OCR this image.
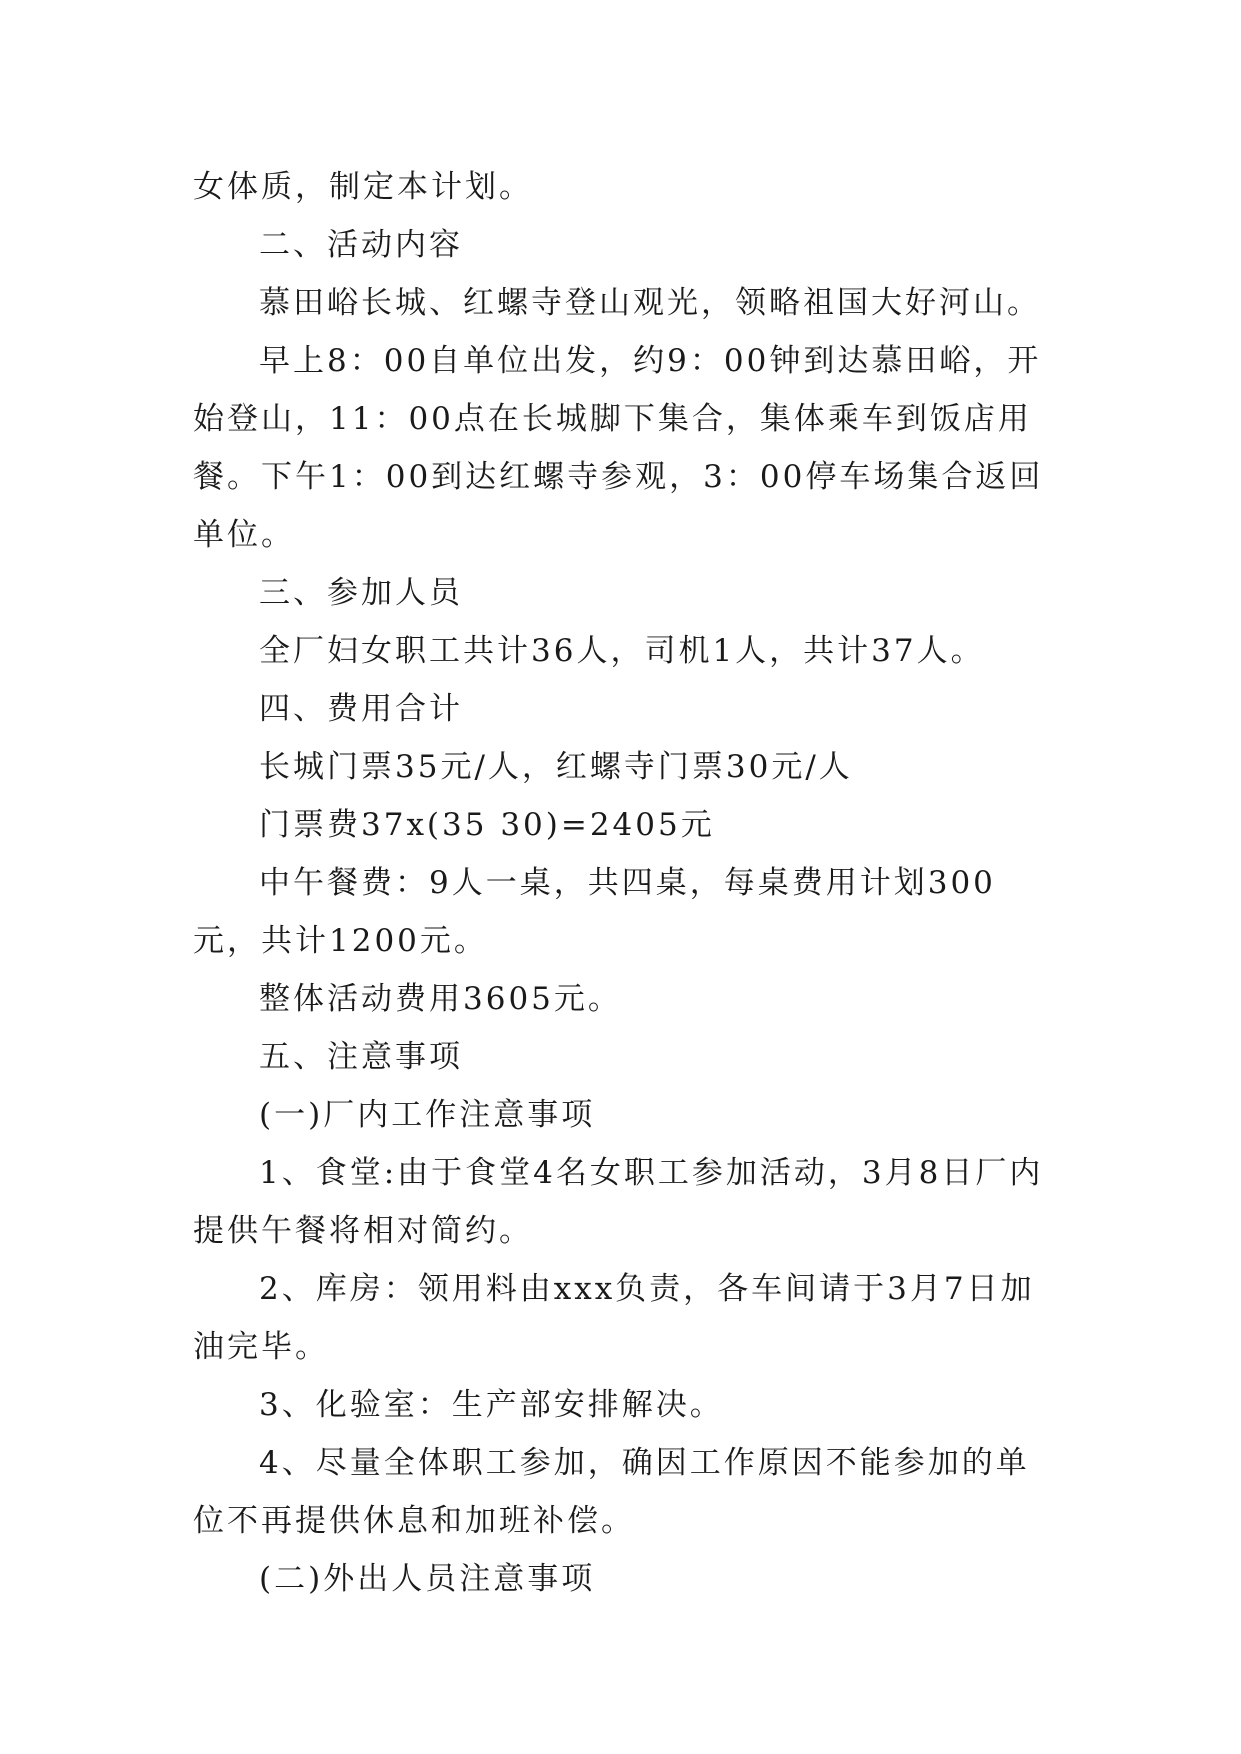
女体质，制定本计划。

二、活动内容

慕田峪长城、红螺寺登山观光，领略祖国大好河山。

早上8：00自单位出发，约9：00钟到达慕田峪，开始登山，11：00点在长城脚下集合，集体乘车到饭店用餐。下午1：00到达红螺寺参观，3：00停车场集合返回单位。

三、参加人员

全厂妇女职工共计36人，司机1人，共计37人。

四、费用合计

长城门票35元/人，红螺寺门票30元/人

门票费37x(35 30)=2405元

中午餐费：9人一桌，共四桌，每桌费用计划300元，共计1200元。

整体活动费用3605元。

五、注意事项

(一)厂内工作注意事项

1、食堂:由于食堂4名女职工参加活动，3月8日厂内提供午餐将相对简约。

2、库房：领用料由xxx负责，各车间请于3月7日加油完毕。

3、化验室：生产部安排解决。

4、尽量全体职工参加，确因工作原因不能参加的单位不再提供休息和加班补偿。

(二)外出人员注意事项
